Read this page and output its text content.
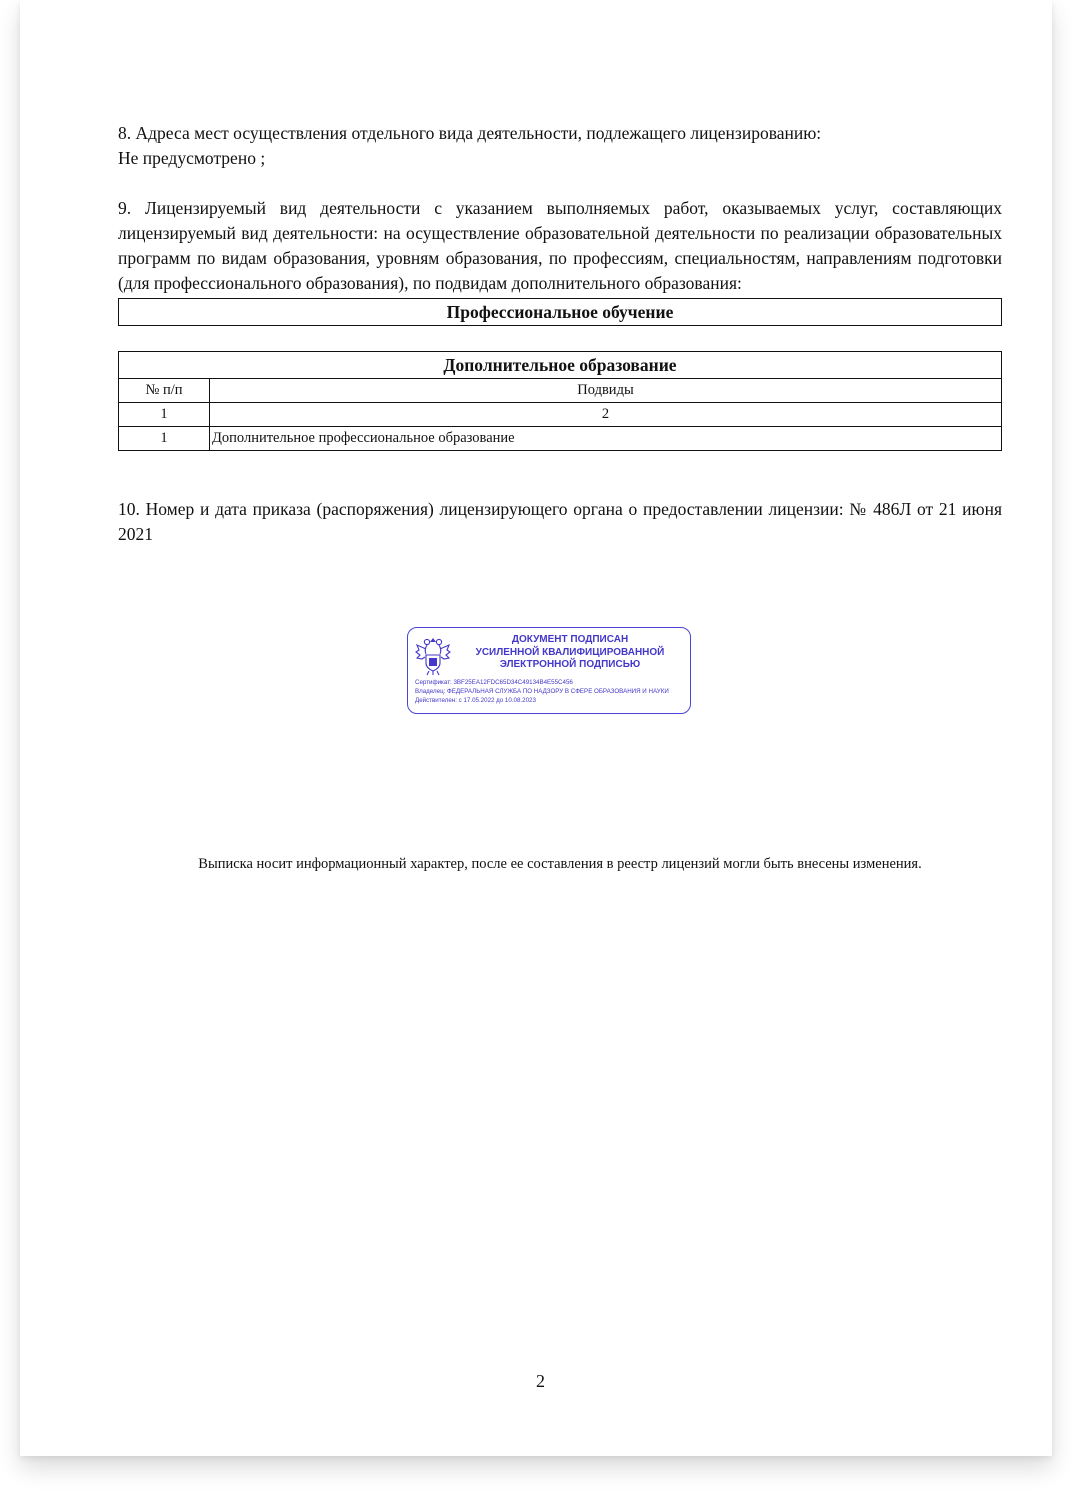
8. Адреса мест осуществления отдельного вида деятельности, подлежащего лицензированию:

Не предусмотрено ;

9. Лицензируемый вид деятельности с указанием выполняемых работ, оказываемых услуг, составляющих лицензируемый вид деятельности: на осуществление образовательной деятельности по реализации образовательных программ по видам образования, уровням образования, по профессиям, специальностям, направлениям подготовки (для профессионального образования), по подвидам дополнительного образования:

Профессиональное обучение
Дополнительное образование	
№ п/п	Подвиды
1	2
1	Дополнительное профессиональное образование

10. Номер и дата приказа (распоряжения) лицензирующего органа о предоставлении лицензии: № 486Л от 21 июня 2021

ДОКУМЕНТ ПОДПИСАН
УСИЛЕННОЙ КВАЛИФИЦИРОВАННОЙ
ЭЛЕКТРОННОЙ ПОДПИСЬЮ
Сертификат: 3BF25EA12FDC65D34C49134B4E55C456
Владелец: ФЕДЕРАЛЬНАЯ СЛУЖБА ПО НАДЗОРУ В СФЕРЕ ОБРАЗОВАНИЯ И НАУКИ
Действителен: с 17.05.2022 до 10.08.2023
Выписка носит информационный характер, после ее составления в реестр лицензий могли быть внесены изменения.
2
